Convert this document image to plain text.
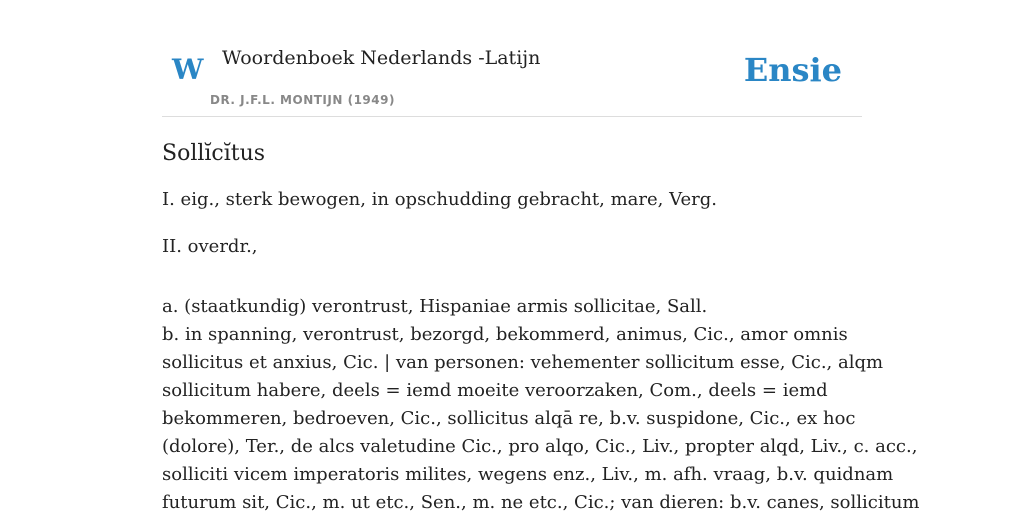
W Woordenboek Nederlands -Latijn
DR. J.F.L. MONTIJN (1949)
Ensie
Sollĭcĭtus

I. eig., sterk bewogen, in opschudding gebracht, mare, Verg.

II. overdr.,

a. (staatkundig) verontrust, Hispaniae armis sollicitae, Sall.
b. in spanning, verontrust, bezorgd, bekommerd, animus, Cic., amor omnis
sollicitus et anxius, Cic. | van personen: vehementer sollicitum esse, Cic., alqm
sollicitum habere, deels = iemd moeite veroorzaken, Com., deels = iemd
bekommeren, bedroeven, Cic., sollicitus alqā re, b.v. suspidone, Cic., ex hoc
(dolore), Ter., de alcs valetudine Cic., pro alqo, Cic., Liv., propter alqd, Liv., c. acc.,
solliciti vicem imperatoris milites, wegens enz., Liv., m. afh. vraag, b.v. quidnam
futurum sit, Cic., m. ut etc., Sen., m. ne etc., Cic.; van dieren: b.v. canes, sollicitum
